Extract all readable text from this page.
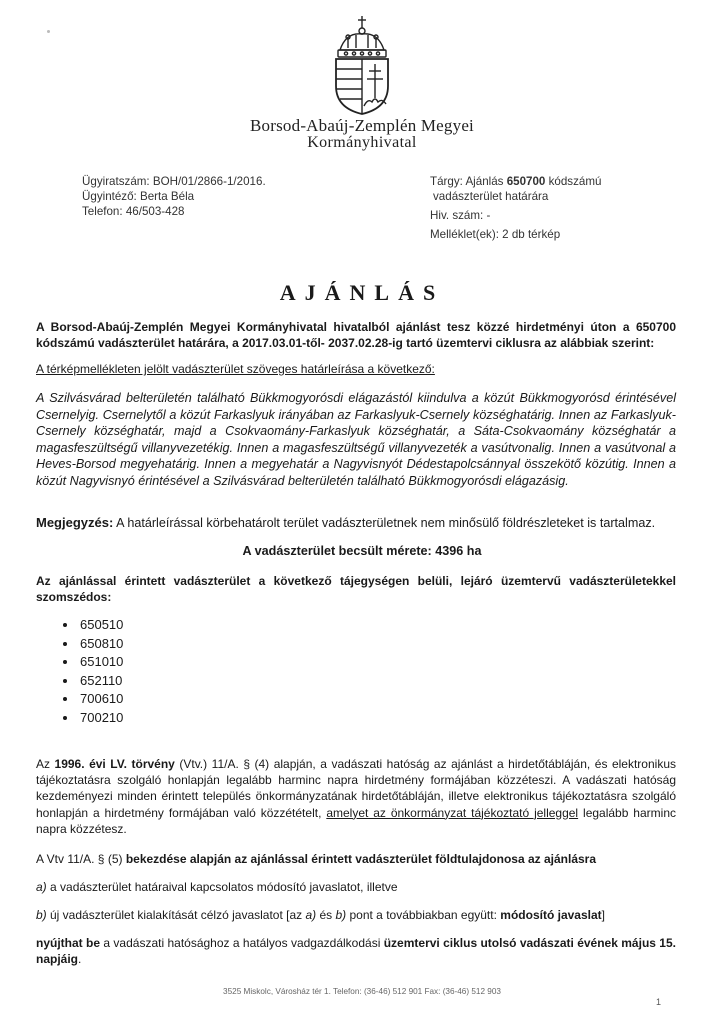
Borsod-Abaúj-Zemplén Megyei
Kormányhivatal
Ügyiratszám: BOH/01/2866-1/2016.
Ügyintéző: Berta Béla
Telefon: 46/503-428
Tárgy: Ajánlás 650700 kódszámú
vadászterület határára
Hiv. szám: -
Melléklet(ek): 2 db térkép
AJÁNLÁS
A Borsod-Abaúj-Zemplén Megyei Kormányhivatal hivatalból ajánlást tesz közzé hirdetményi úton a 650700 kódszámú vadászterület határára, a 2017.03.01-től- 2037.02.28-ig tartó üzemtervi ciklusra az alábbiak szerint:
A térképmellékleten jelölt vadászterület szöveges határleírása a következő:
A Szilvásvárad belterületén található Bükkmogyorósdi elágazástól kiindulva a közút Bükkmogyorósd érintésével Csernelyig. Csernelytől a közút Farkaslyuk irányában az Farkaslyuk-Csernely községhatárig. Innen az Farkaslyuk-Csernely községhatár, majd a Csokvaomány-Farkaslyuk községhatár, a Sáta-Csokvaomány községhatár a magasfeszültségű villanyvezetékig. Innen a magasfeszültségű villanyvezeték a vasútvonalig. Innen a vasútvonal a Heves-Borsod megyehatárig. Innen a megyehatár a Nagyvisnyót Dédestapolcsánnyal összekötő közútig. Innen a közút Nagyvisnyó érintésével a Szilvásvárad belterületén található Bükkmogyorósdi elágazásig.
Megjegyzés: A határleírással körbehatárolt terület vadászterületnek nem minősülő földrészleteket is tartalmaz.
A vadászterület becsült mérete: 4396 ha
Az ajánlással érintett vadászterület a következő tájegységen belüli, lejáró üzemtervű vadászterületekkel szomszédos:
• 650510
• 650810
• 651010
• 652110
• 700610
• 700210
Az 1996. évi LV. törvény (Vtv.) 11/A. § (4) alapján, a vadászati hatóság az ajánlást a hirdetőtábláján, és elektronikus tájékoztatásra szolgáló honlapján legalább harminc napra hirdetmény formájában közzéteszi. A vadászati hatóság kezdeményezi minden érintett település önkormányzatának hirdetőtábláján, illetve elektronikus tájékoztatásra szolgáló honlapján a hirdetmény formájában való közzétételt, amelyet az önkormányzat tájékoztató jelleggel legalább harminc napra közzétesz.
A Vtv 11/A. § (5) bekezdése alapján az ajánlással érintett vadászterület földtulajdonosa az ajánlásra
a) a vadászterület határaival kapcsolatos módosító javaslatot, illetve
b) új vadászterület kialakítását célzó javaslatot [az a) és b) pont a továbbiakban együtt: módosító javaslat]
nyújthat be a vadászati hatósághoz a hatályos vadgazdálkodási üzemtervi ciklus utolsó vadászati évének május 15. napjáig.
3525 Miskolc, Városház tér 1. Telefon: (36-46) 512 901 Fax: (36-46) 512 903
1
